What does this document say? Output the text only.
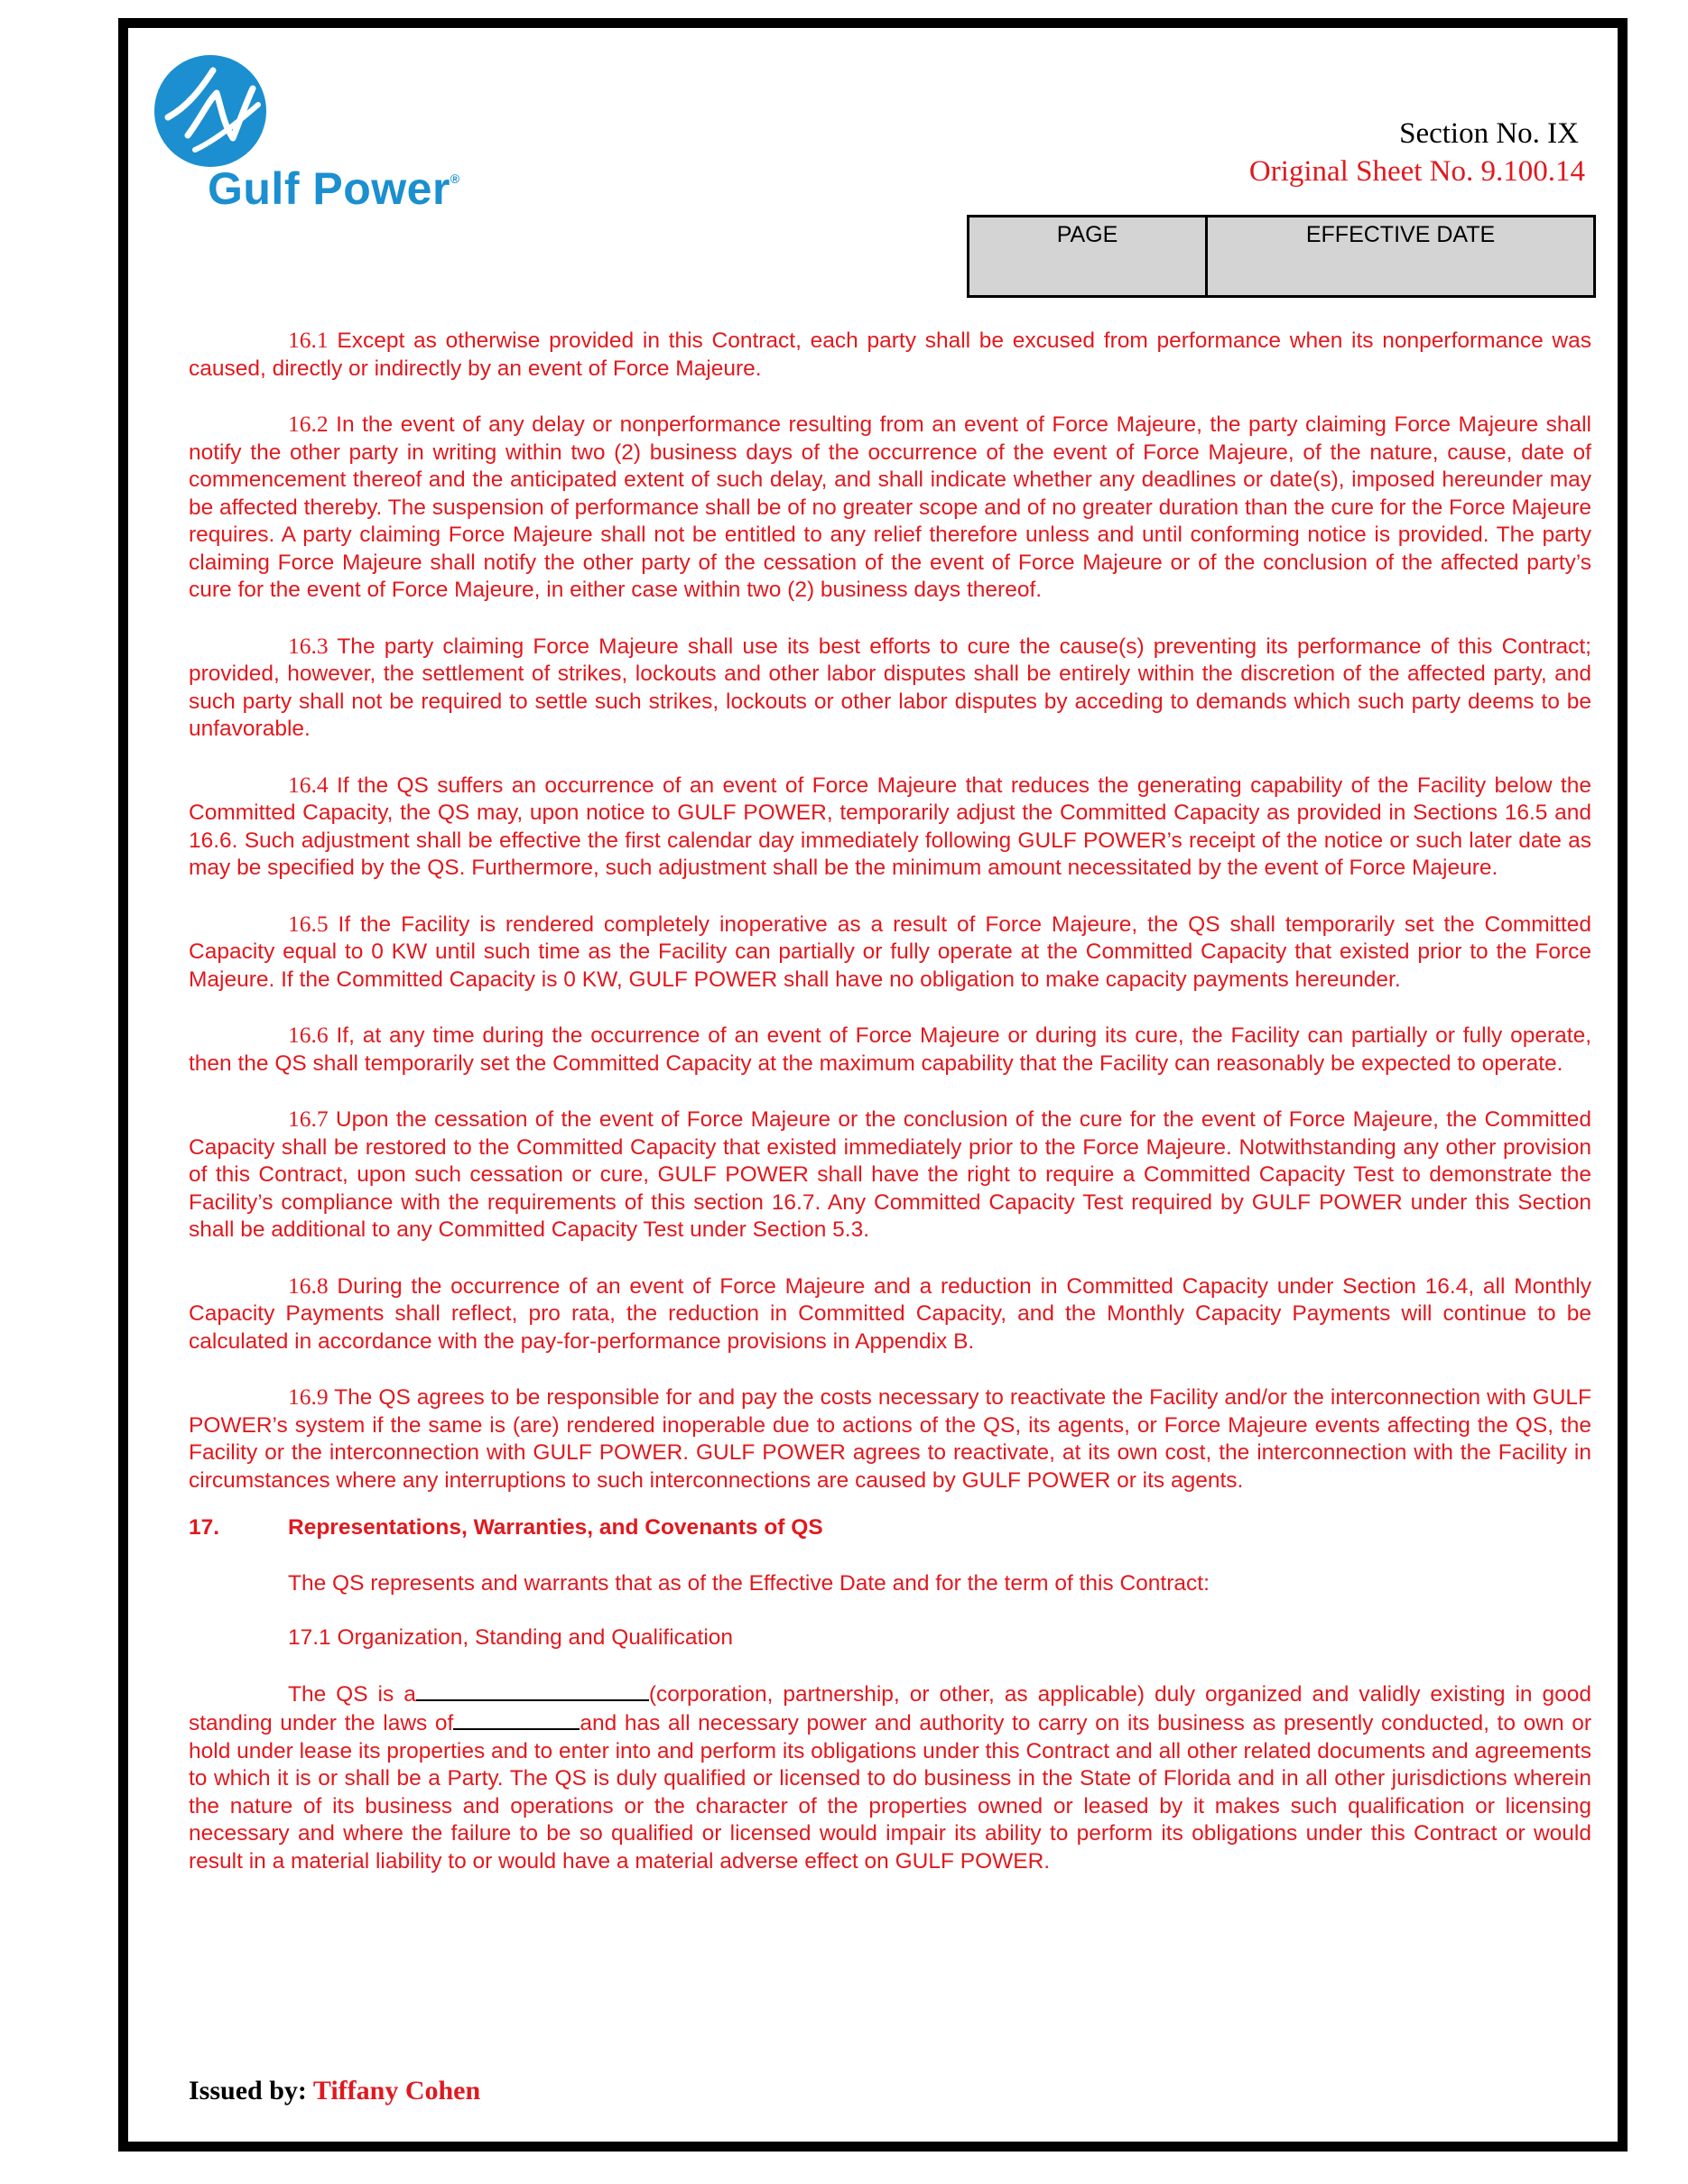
Gulf Power®
Section No. IX
Original Sheet No. 9.100.14
PAGE	EFFECTIVE DATE

16.1 Except as otherwise provided in this Contract, each party shall be excused from performance when its nonperformance was caused, directly or indirectly by an event of Force Majeure.

16.2 In the event of any delay or nonperformance resulting from an event of Force Majeure, the party claiming Force Majeure shall notify the other party in writing within two (2) business days of the occurrence of the event of Force Majeure, of the nature, cause, date of commencement thereof and the anticipated extent of such delay, and shall indicate whether any deadlines or date(s), imposed hereunder may be affected thereby. The suspension of performance shall be of no greater scope and of no greater duration than the cure for the Force Majeure requires. A party claiming Force Majeure shall not be entitled to any relief therefore unless and until conforming notice is provided. The party claiming Force Majeure shall notify the other party of the cessation of the event of Force Majeure or of the conclusion of the affected party’s cure for the event of Force Majeure, in either case within two (2) business days thereof.

16.3 The party claiming Force Majeure shall use its best efforts to cure the cause(s) preventing its performance of this Contract; provided, however, the settlement of strikes, lockouts and other labor disputes shall be entirely within the discretion of the affected party, and such party shall not be required to settle such strikes, lockouts or other labor disputes by acceding to demands which such party deems to be unfavorable.

16.4 If the QS suffers an occurrence of an event of Force Majeure that reduces the generating capability of the Facility below the Committed Capacity, the QS may, upon notice to GULF POWER, temporarily adjust the Committed Capacity as provided in Sections 16.5 and 16.6. Such adjustment shall be effective the first calendar day immediately following GULF POWER’s receipt of the notice or such later date as may be specified by the QS. Furthermore, such adjustment shall be the minimum amount necessitated by the event of Force Majeure.

16.5 If the Facility is rendered completely inoperative as a result of Force Majeure, the QS shall temporarily set the Committed Capacity equal to 0 KW until such time as the Facility can partially or fully operate at the Committed Capacity that existed prior to the Force Majeure. If the Committed Capacity is 0 KW, GULF POWER shall have no obligation to make capacity payments hereunder.

16.6 If, at any time during the occurrence of an event of Force Majeure or during its cure, the Facility can partially or fully operate, then the QS shall temporarily set the Committed Capacity at the maximum capability that the Facility can reasonably be expected to operate.

16.7 Upon the cessation of the event of Force Majeure or the conclusion of the cure for the event of Force Majeure, the Committed Capacity shall be restored to the Committed Capacity that existed immediately prior to the Force Majeure. Notwithstanding any other provision of this Contract, upon such cessation or cure, GULF POWER shall have the right to require a Committed Capacity Test to demonstrate the Facility’s compliance with the requirements of this section 16.7. Any Committed Capacity Test required by GULF POWER under this Section shall be additional to any Committed Capacity Test under Section 5.3.

16.8 During the occurrence of an event of Force Majeure and a reduction in Committed Capacity under Section 16.4, all Monthly Capacity Payments shall reflect, pro rata, the reduction in Committed Capacity, and the Monthly Capacity Payments will continue to be calculated in accordance with the pay-for-performance provisions in Appendix B.

16.9 The QS agrees to be responsible for and pay the costs necessary to reactivate the Facility and/or the interconnection with GULF POWER’s system if the same is (are) rendered inoperable due to actions of the QS, its agents, or Force Majeure events affecting the QS, the Facility or the interconnection with GULF POWER. GULF POWER agrees to reactivate, at its own cost, the interconnection with the Facility in circumstances where any interruptions to such interconnections are caused by GULF POWER or its agents.

17.	Representations, Warranties, and Covenants of QS
The QS represents and warrants that as of the Effective Date and for the term of this Contract:
17.1 Organization, Standing and Qualification

The QS is a	(corporation, partnership, or other, as applicable) duly organized and validly existing in good standing under the laws of	and has all necessary power and authority to carry on its business as presently conducted, to own or hold under lease its properties and to enter into and perform its obligations under this Contract and all other related documents and agreements to which it is or shall be a Party. The QS is duly qualified or licensed to do business in the State of Florida and in all other jurisdictions wherein the nature of its business and operations or the character of the properties owned or leased by it makes such qualification or licensing necessary and where the failure to be so qualified or licensed would impair its ability to perform its obligations under this Contract or would result in a material liability to or would have a material adverse effect on GULF POWER.

Issued by: Tiffany Cohen
